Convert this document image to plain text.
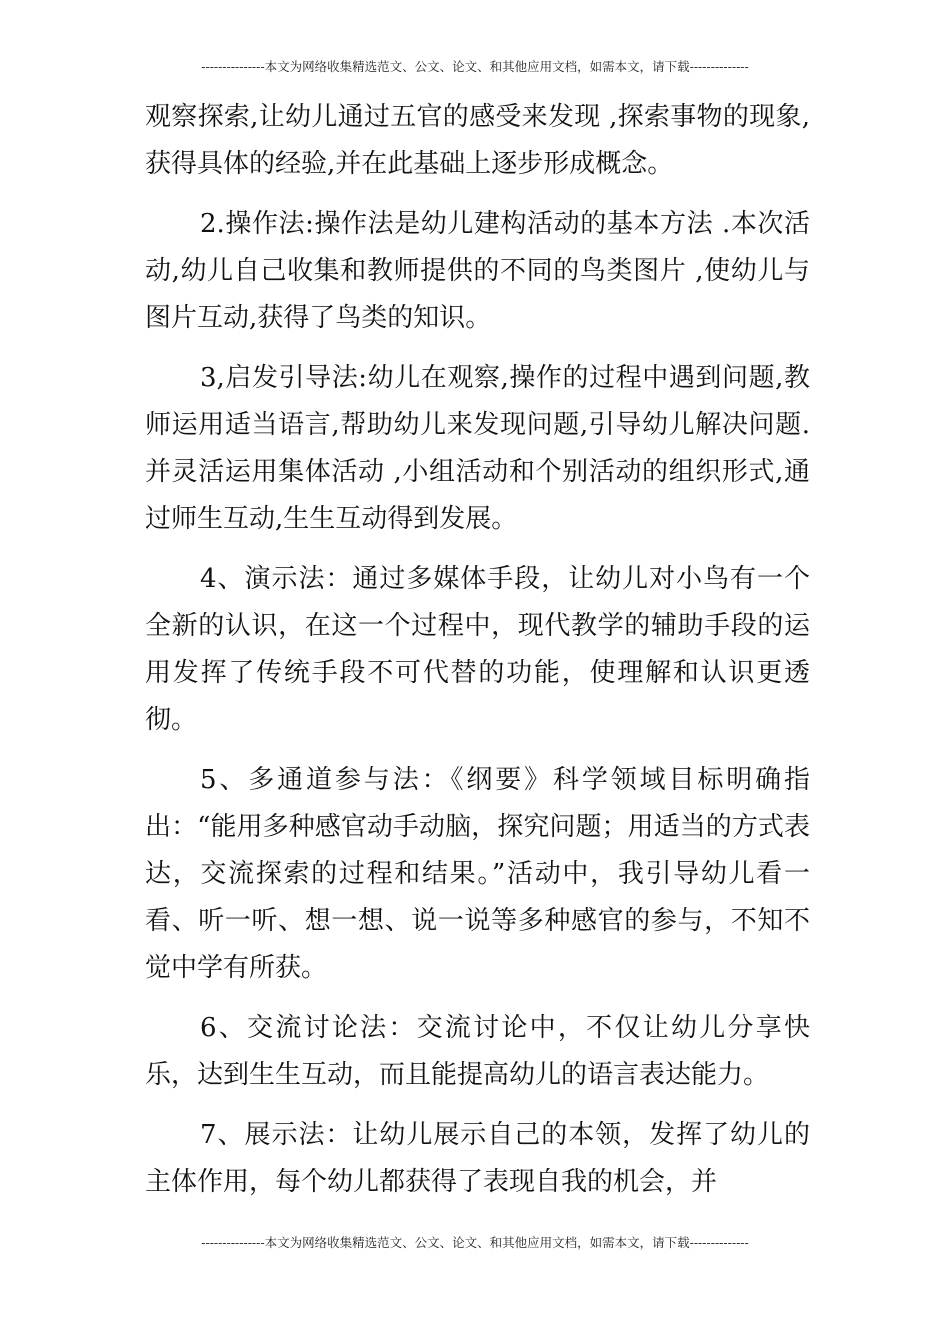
---------------本文为网络收集精选范文、公文、论文、和其他应用文档，如需本文，请下载--------------

观察探索,让幼儿通过五官的感受来发现 ,探索事物的现象,获得具体的经验,并在此基础上逐步形成概念。

2.操作法:操作法是幼儿建构活动的基本方法 .本次活动,幼儿自己收集和教师提供的不同的鸟类图片 ,使幼儿与图片互动,获得了鸟类的知识。

3,启发引导法:幼儿在观察,操作的过程中遇到问题,教师运用适当语言,帮助幼儿来发现问题,引导幼儿解决问题.并灵活运用集体活动 ,小组活动和个别活动的组织形式,通过师生互动,生生互动得到发展。

4、演示法：通过多媒体手段，让幼儿对小鸟有一个全新的认识，在这一个过程中，现代教学的辅助手段的运用发挥了传统手段不可代替的功能，使理解和认识更透彻。

5、多通道参与法：《纲要》科学领域目标明确指出：“能用多种感官动手动脑，探究问题；用适当的方式表达，交流探索的过程和结果。”活动中，我引导幼儿看一看、听一听、想一想、说一说等多种感官的参与，不知不觉中学有所获。

6、交流讨论法：交流讨论中，不仅让幼儿分享快乐，达到生生互动，而且能提高幼儿的语言表达能力。

7、展示法：让幼儿展示自己的本领，发挥了幼儿的主体作用，每个幼儿都获得了表现自我的机会，并

---------------本文为网络收集精选范文、公文、论文、和其他应用文档，如需本文，请下载--------------
